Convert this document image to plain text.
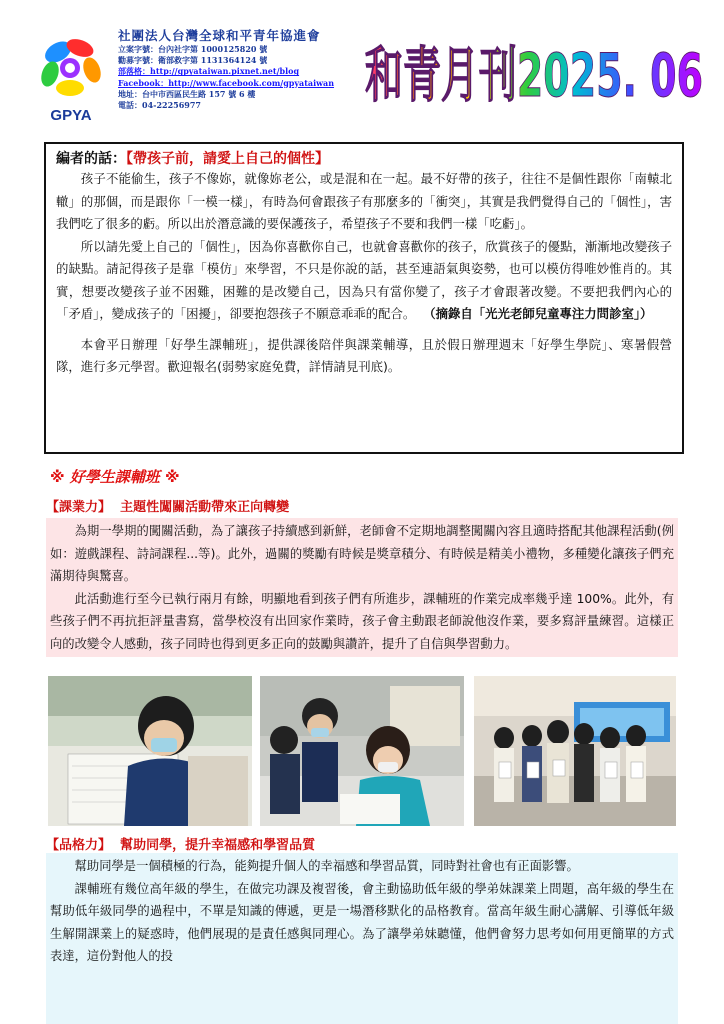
GPYA
社團法人台灣全球和平青年協進會
立案字號：台內社字第 1000125820 號
勸募字號：衛部救字第 1131364124 號
部落格：http://gpyataiwan.pixnet.net/blog
Facebook：http://www.facebook.com/gpyataiwan
地址：台中市西區民生路 157 號 6 樓
電話：04-22256977	和青月刊2025. 06
編者的話：【帶孩子前，請愛上自己的個性】
孩子不能偷生，孩子不像妳，就像妳老公，或是混和在一起。最不好帶的孩子，往往不是個性跟你「南轅北轍」的那個，而是跟你「一模一樣」，有時為何會跟孩子有那麼多的「衝突」，其實是我們覺得自己的「個性」，害我們吃了很多的虧。所以出於潛意識的要保護孩子，希望孩子不要和我們一樣「吃虧」。
所以請先愛上自己的「個性」，因為你喜歡你自己，也就會喜歡你的孩子，欣賞孩子的優點，漸漸地改變孩子的缺點。請記得孩子是靠「模仿」來學習，不只是你說的話，甚至連語氣與姿勢，也可以模仿得唯妙惟肖的。其實，想要改變孩子並不困難，困難的是改變自己，因為只有當你變了，孩子才會跟著改變。不要把我們內心的「矛盾」，變成孩子的「困擾」，卻要抱怨孩子不願意乖乖的配合。 （摘錄自「光光老師兒童專注力問診室」）
本會平日辦理「好學生課輔班」，提供課後陪伴與課業輔導，且於假日辦理週末「好學生學院」、寒暑假營隊，進行多元學習。歡迎報名(弱勢家庭免費，詳情請見刊底)。
※ 好學生課輔班 ※
【課業力】 主題性闖關活動帶來正向轉變
為期一學期的闖關活動，為了讓孩子持續感到新鮮，老師會不定期地調整闖關內容且適時搭配其他課程活動(例如：遊戲課程、詩詞課程...等)。此外，過關的獎勵有時候是獎章積分、有時候是精美小禮物，多種變化讓孩子們充滿期待與驚喜。
此活動進行至今已執行兩月有餘，明顯地看到孩子們有所進步，課輔班的作業完成率幾乎達 100%。此外，有些孩子們不再抗拒評量書寫，當學校沒有出回家作業時，孩子會主動跟老師說他沒作業，要多寫評量練習。這樣正向的改變令人感動，孩子同時也得到更多正向的鼓勵與讚許，提升了自信與學習動力。
【品格力】 幫助同學，提升幸福感和學習品質
幫助同學是一個積極的行為，能夠提升個人的幸福感和學習品質，同時對社會也有正面影響。
課輔班有幾位高年級的學生，在做完功課及複習後，會主動協助低年級的學弟妹課業上問題，高年級的學生在幫助低年級同學的過程中，不單是知識的傳遞，更是一場潛移默化的品格教育。當高年級生耐心講解、引導低年級生解開課業上的疑惑時，他們展現的是責任感與同理心。為了讓學弟妹聽懂，他們會努力思考如何用更簡單的方式表達，這份對他人的投
